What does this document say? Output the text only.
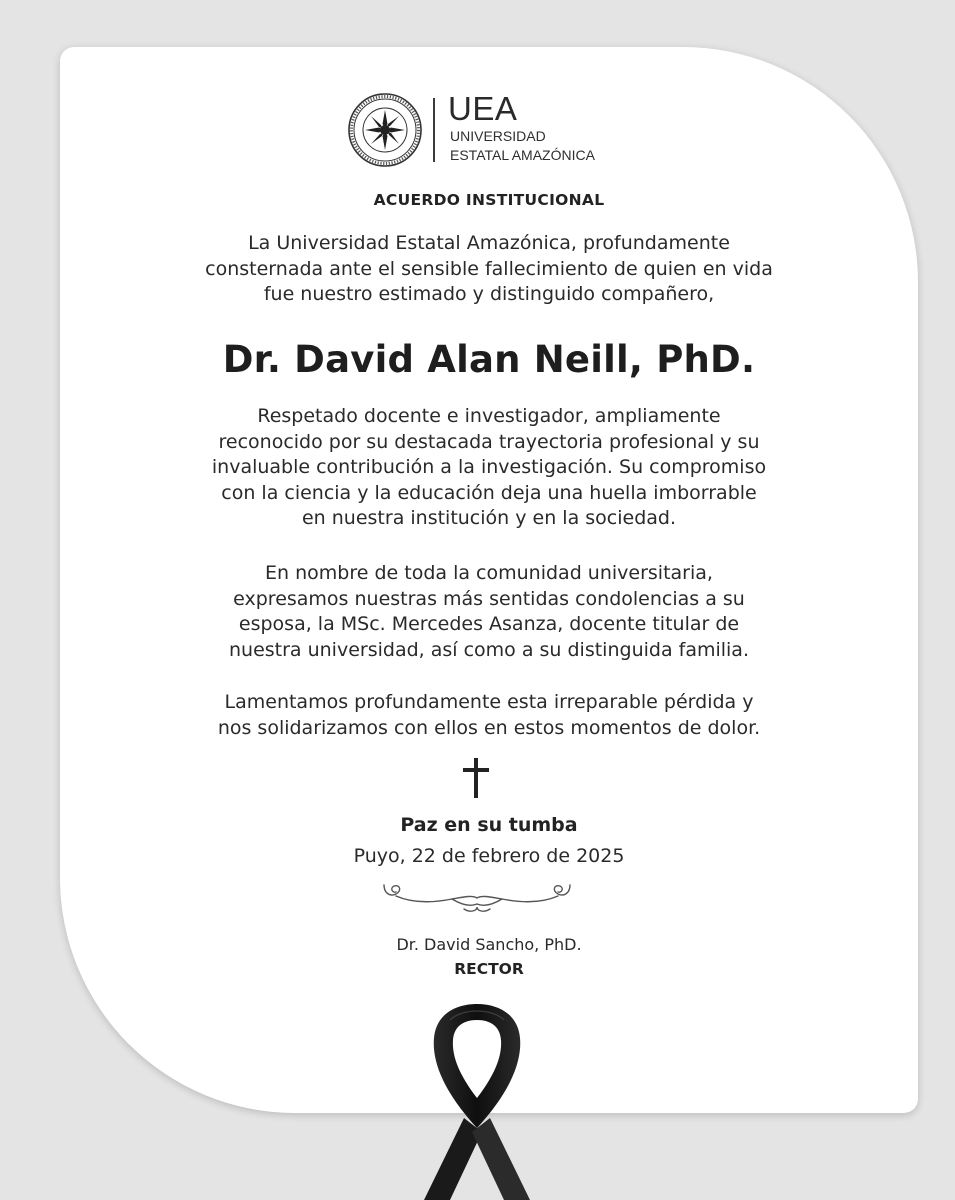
UEA
UNIVERSIDAD
ESTATAL AMAZÓNICA
ACUERDO INSTITUCIONAL
La Universidad Estatal Amazónica, profundamente
consternada ante el sensible fallecimiento de quien en vida
fue nuestro estimado y distinguido compañero,
Dr. David Alan Neill, PhD.
Respetado docente e investigador, ampliamente
reconocido por su destacada trayectoria profesional y su
invaluable contribución a la investigación. Su compromiso
con la ciencia y la educación deja una huella imborrable
en nuestra institución y en la sociedad.
En nombre de toda la comunidad universitaria,
expresamos nuestras más sentidas condolencias a su
esposa, la MSc. Mercedes Asanza, docente titular de
nuestra universidad, así como a su distinguida familia.
Lamentamos profundamente esta irreparable pérdida y
nos solidarizamos con ellos en estos momentos de dolor.
Paz en su tumba
Puyo, 22 de febrero de 2025
Dr. David Sancho, PhD.
RECTOR
